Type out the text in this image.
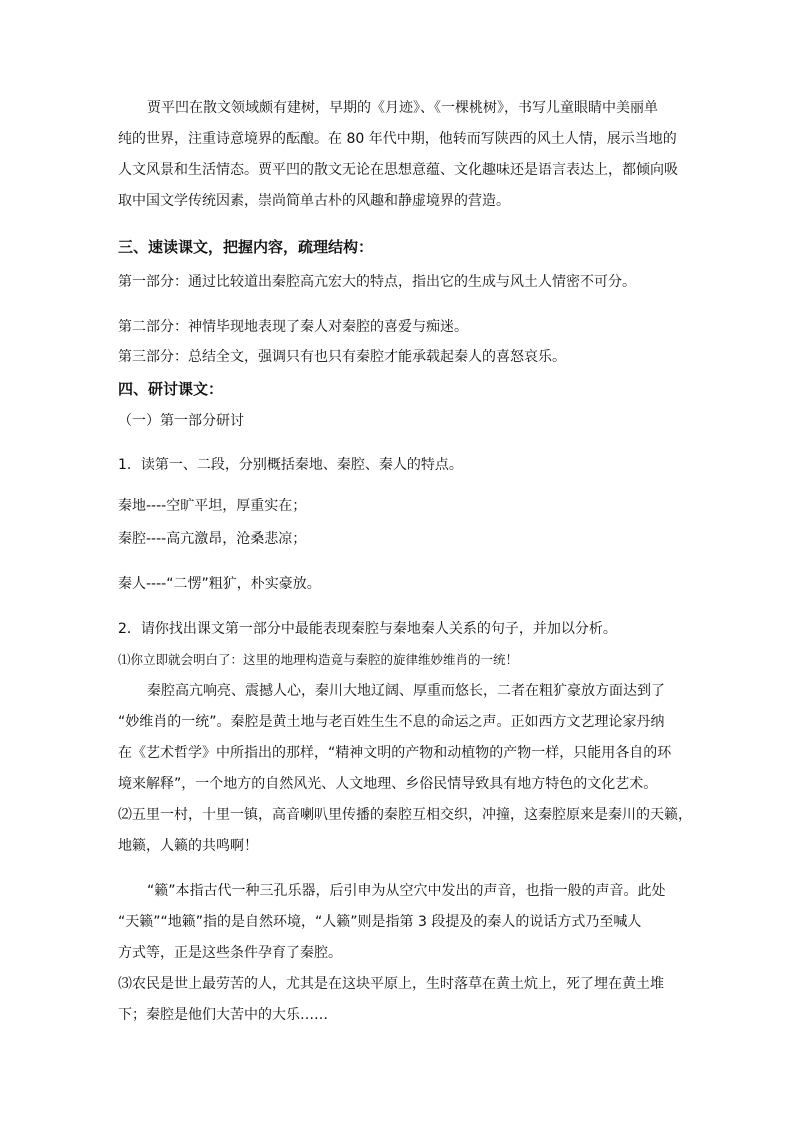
贾平凹在散文领域颇有建树，早期的《月迹》、《一棵桃树》，书写儿童眼睛中美丽单
纯的世界，注重诗意境界的酝酿。在 80 年代中期，他转而写陕西的风土人情，展示当地的
人文风景和生活情态。贾平凹的散文无论在思想意蕴、文化趣味还是语言表达上，都倾向吸
取中国文学传统因素，崇尚简单古朴的风趣和静虚境界的营造。
三、速读课文，把握内容，疏理结构：
第一部分：通过比较道出秦腔高亢宏大的特点，指出它的生成与风土人情密不可分。
第二部分：神情毕现地表现了秦人对秦腔的喜爱与痴迷。
第三部分：总结全文，强调只有也只有秦腔才能承载起秦人的喜怒哀乐。
四、研讨课文：
（一）第一部分研讨
1．读第一、二段，分别概括秦地、秦腔、秦人的特点。
秦地----空旷平坦，厚重实在；
秦腔----高亢激昂，沧桑悲凉；
秦人----“二愣”粗犷，朴实豪放。
2．请你找出课文第一部分中最能表现秦腔与秦地秦人关系的句子，并加以分析。
⑴你立即就会明白了：这里的地理构造竟与秦腔的旋律维妙维肖的一统！
秦腔高亢响亮、震撼人心，秦川大地辽阔、厚重而悠长，二者在粗犷豪放方面达到了
“妙维肖的一统”。秦腔是黄土地与老百姓生生不息的命运之声。正如西方文艺理论家丹纳
在《艺术哲学》中所指出的那样，“精神文明的产物和动植物的产物一样，只能用各自的环
境来解释”，一个地方的自然风光、人文地理、乡俗民情导致具有地方特色的文化艺术。
⑵五里一村，十里一镇，高音喇叭里传播的秦腔互相交织，冲撞，这秦腔原来是秦川的天籁，
地籁，人籁的共鸣啊！
“籁”本指古代一种三孔乐器，后引申为从空穴中发出的声音，也指一般的声音。此处
“天籁”“地籁”指的是自然环境，“人籁”则是指第 3 段提及的秦人的说话方式乃至喊人
方式等，正是这些条件孕育了秦腔。
⑶农民是世上最劳苦的人，尤其是在这块平原上，生时落草在黄土炕上，死了埋在黄土堆
下；秦腔是他们大苦中的大乐……
